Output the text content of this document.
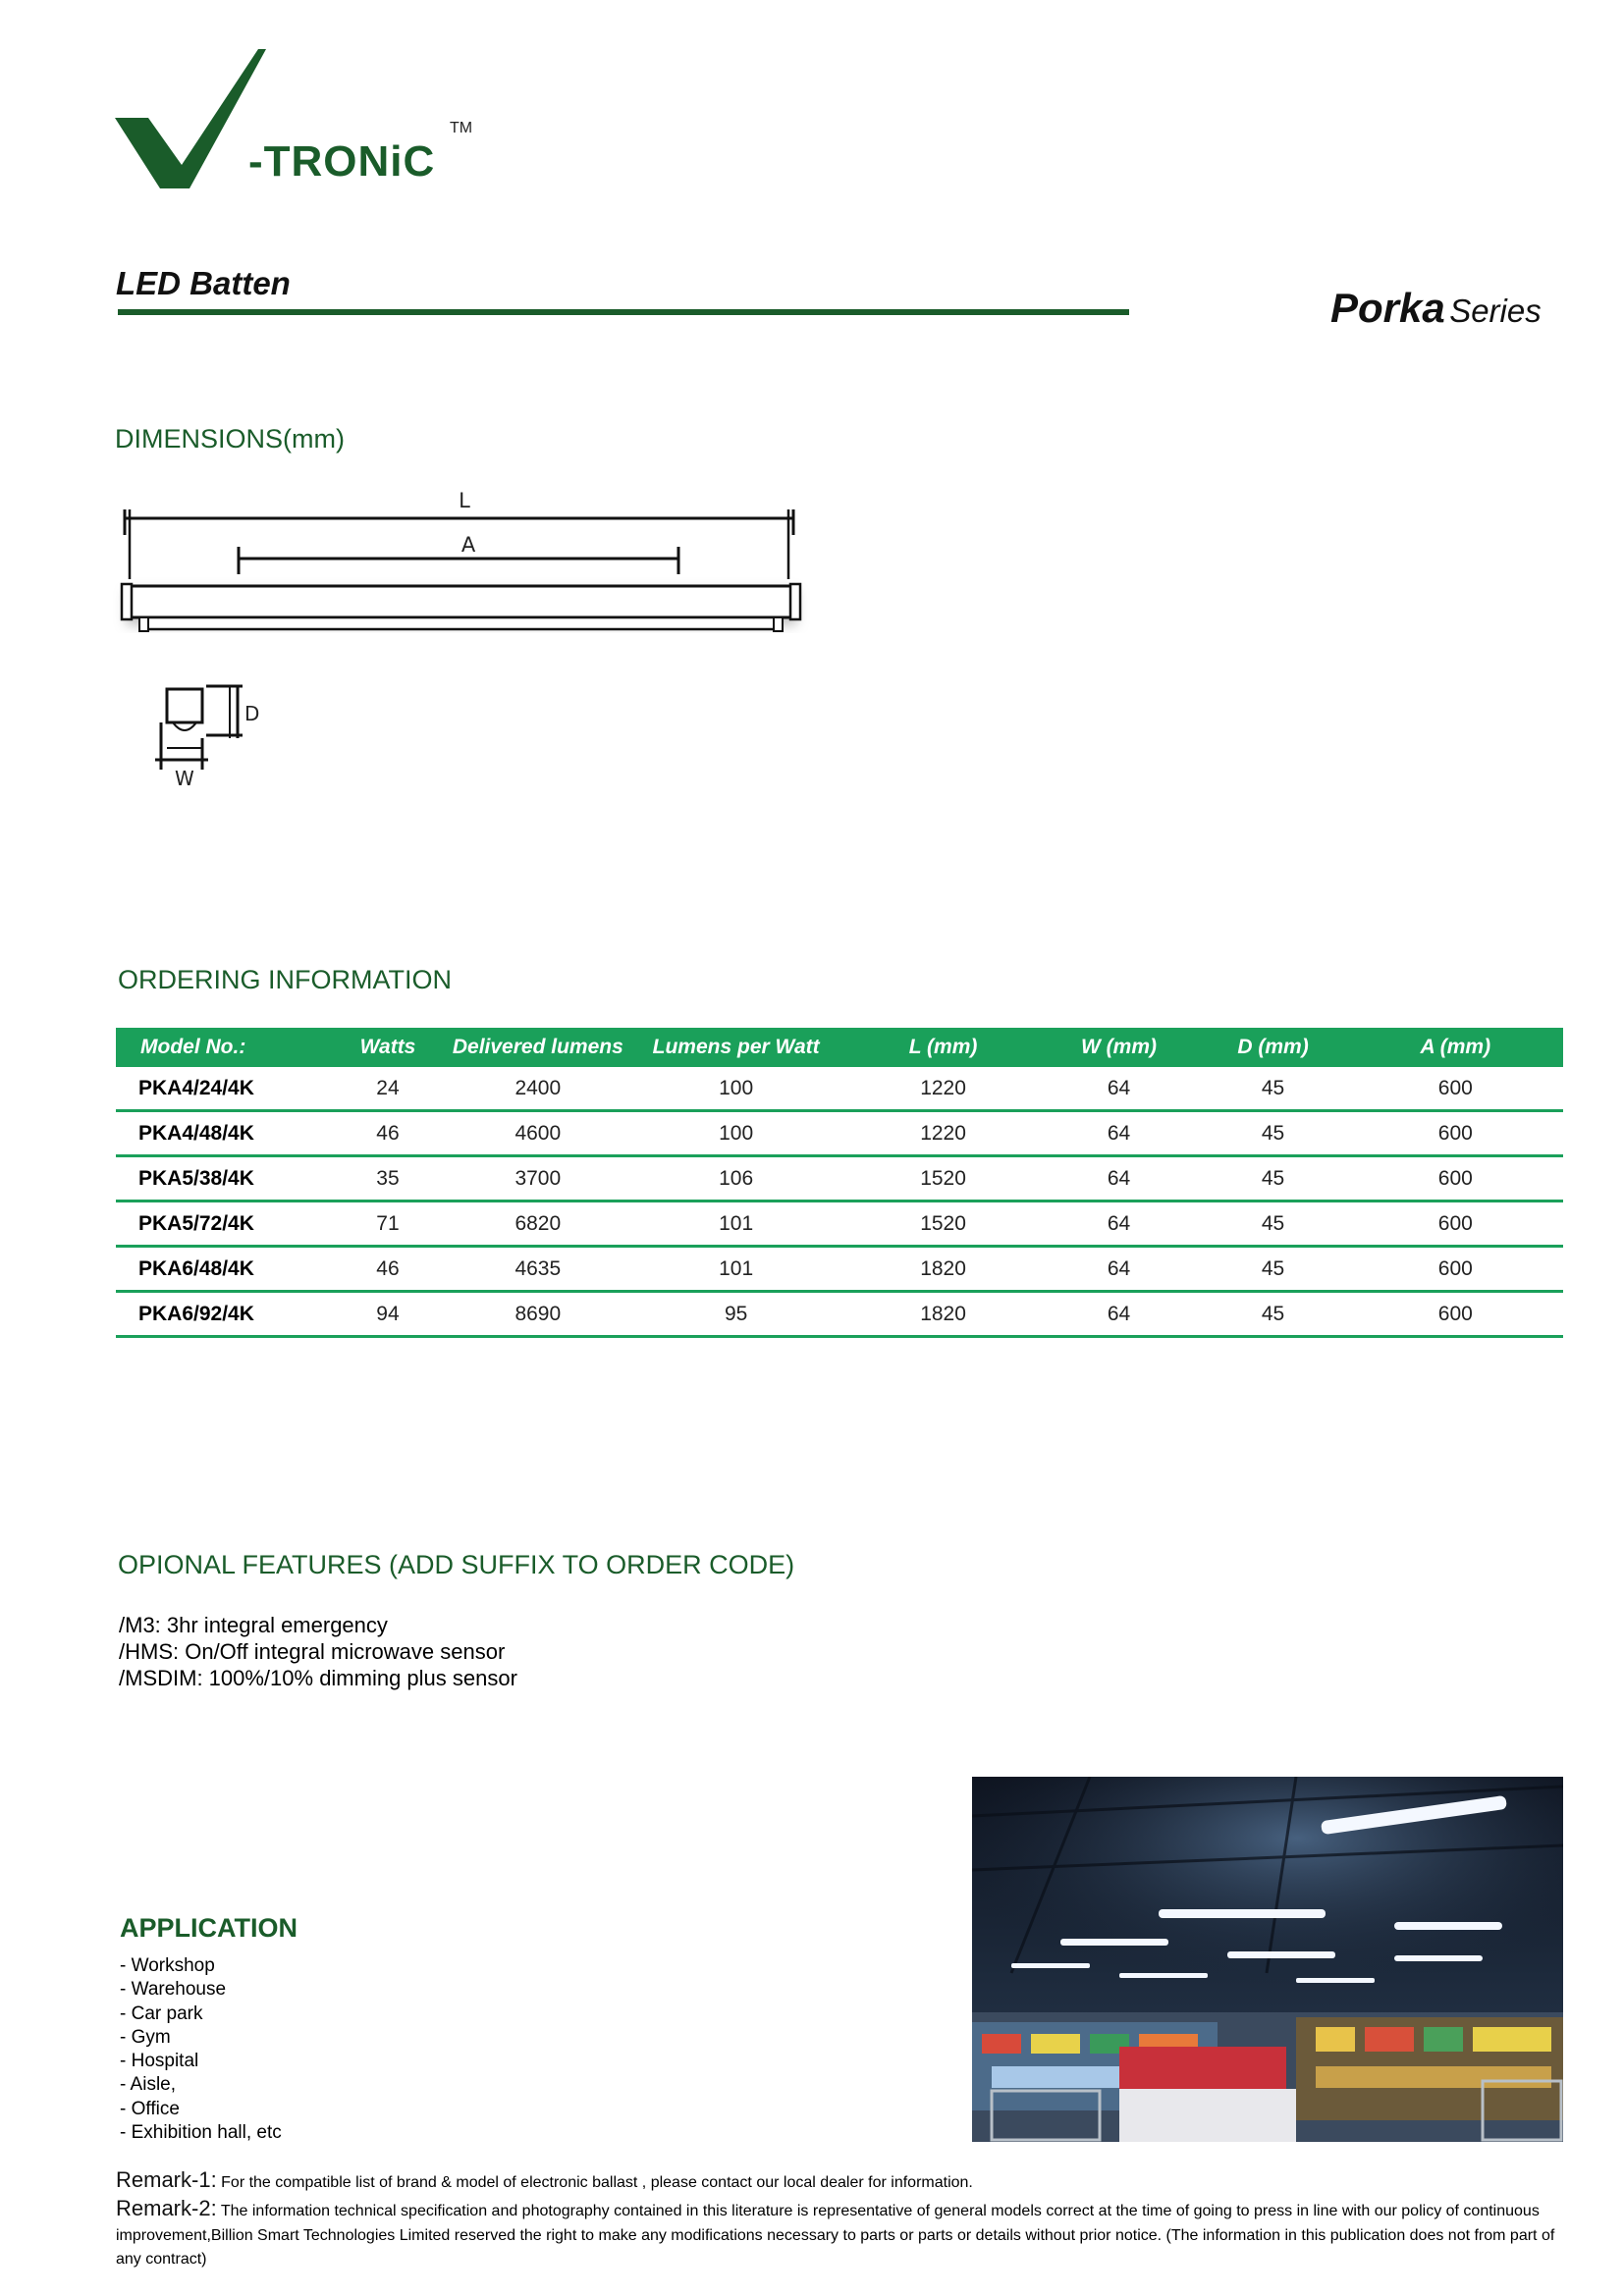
-TRONiC
TM
LED Batten
Porka Series
DIMENSIONS(mm)
L
A
D
W
ORDERING INFORMATION
Model No.:	Watts	Delivered lumens	Lumens per Watt	L (mm)	W (mm)	D (mm)	A (mm)
PKA4/24/4K	24	2400	100	1220	64	45	600
PKA4/48/4K	46	4600	100	1220	64	45	600
PKA5/38/4K	35	3700	106	1520	64	45	600
PKA5/72/4K	71	6820	101	1520	64	45	600
PKA6/48/4K	46	4635	101	1820	64	45	600
PKA6/92/4K	94	8690	95	1820	64	45	600
OPIONAL FEATURES (ADD SUFFIX TO ORDER CODE)
/M3: 3hr integral emergency
/HMS: On/Off integral microwave sensor
/MSDIM: 100%/10% dimming plus sensor
APPLICATION
- Workshop
- Warehouse
- Car park
- Gym
- Hospital
- Aisle,
- Office
- Exhibition hall, etc
Remark-1: For the compatible list of brand & model of electronic ballast , please contact our local dealer for information.
Remark-2: The information technical specification and photography contained in this literature is representative of general models correct at the time of going to press in line with our policy of continuous improvement,Billion Smart Technologies Limited reserved the right to make any modifications necessary to parts or parts or details without prior notice. (The information in this publication does not from part of any contract)
